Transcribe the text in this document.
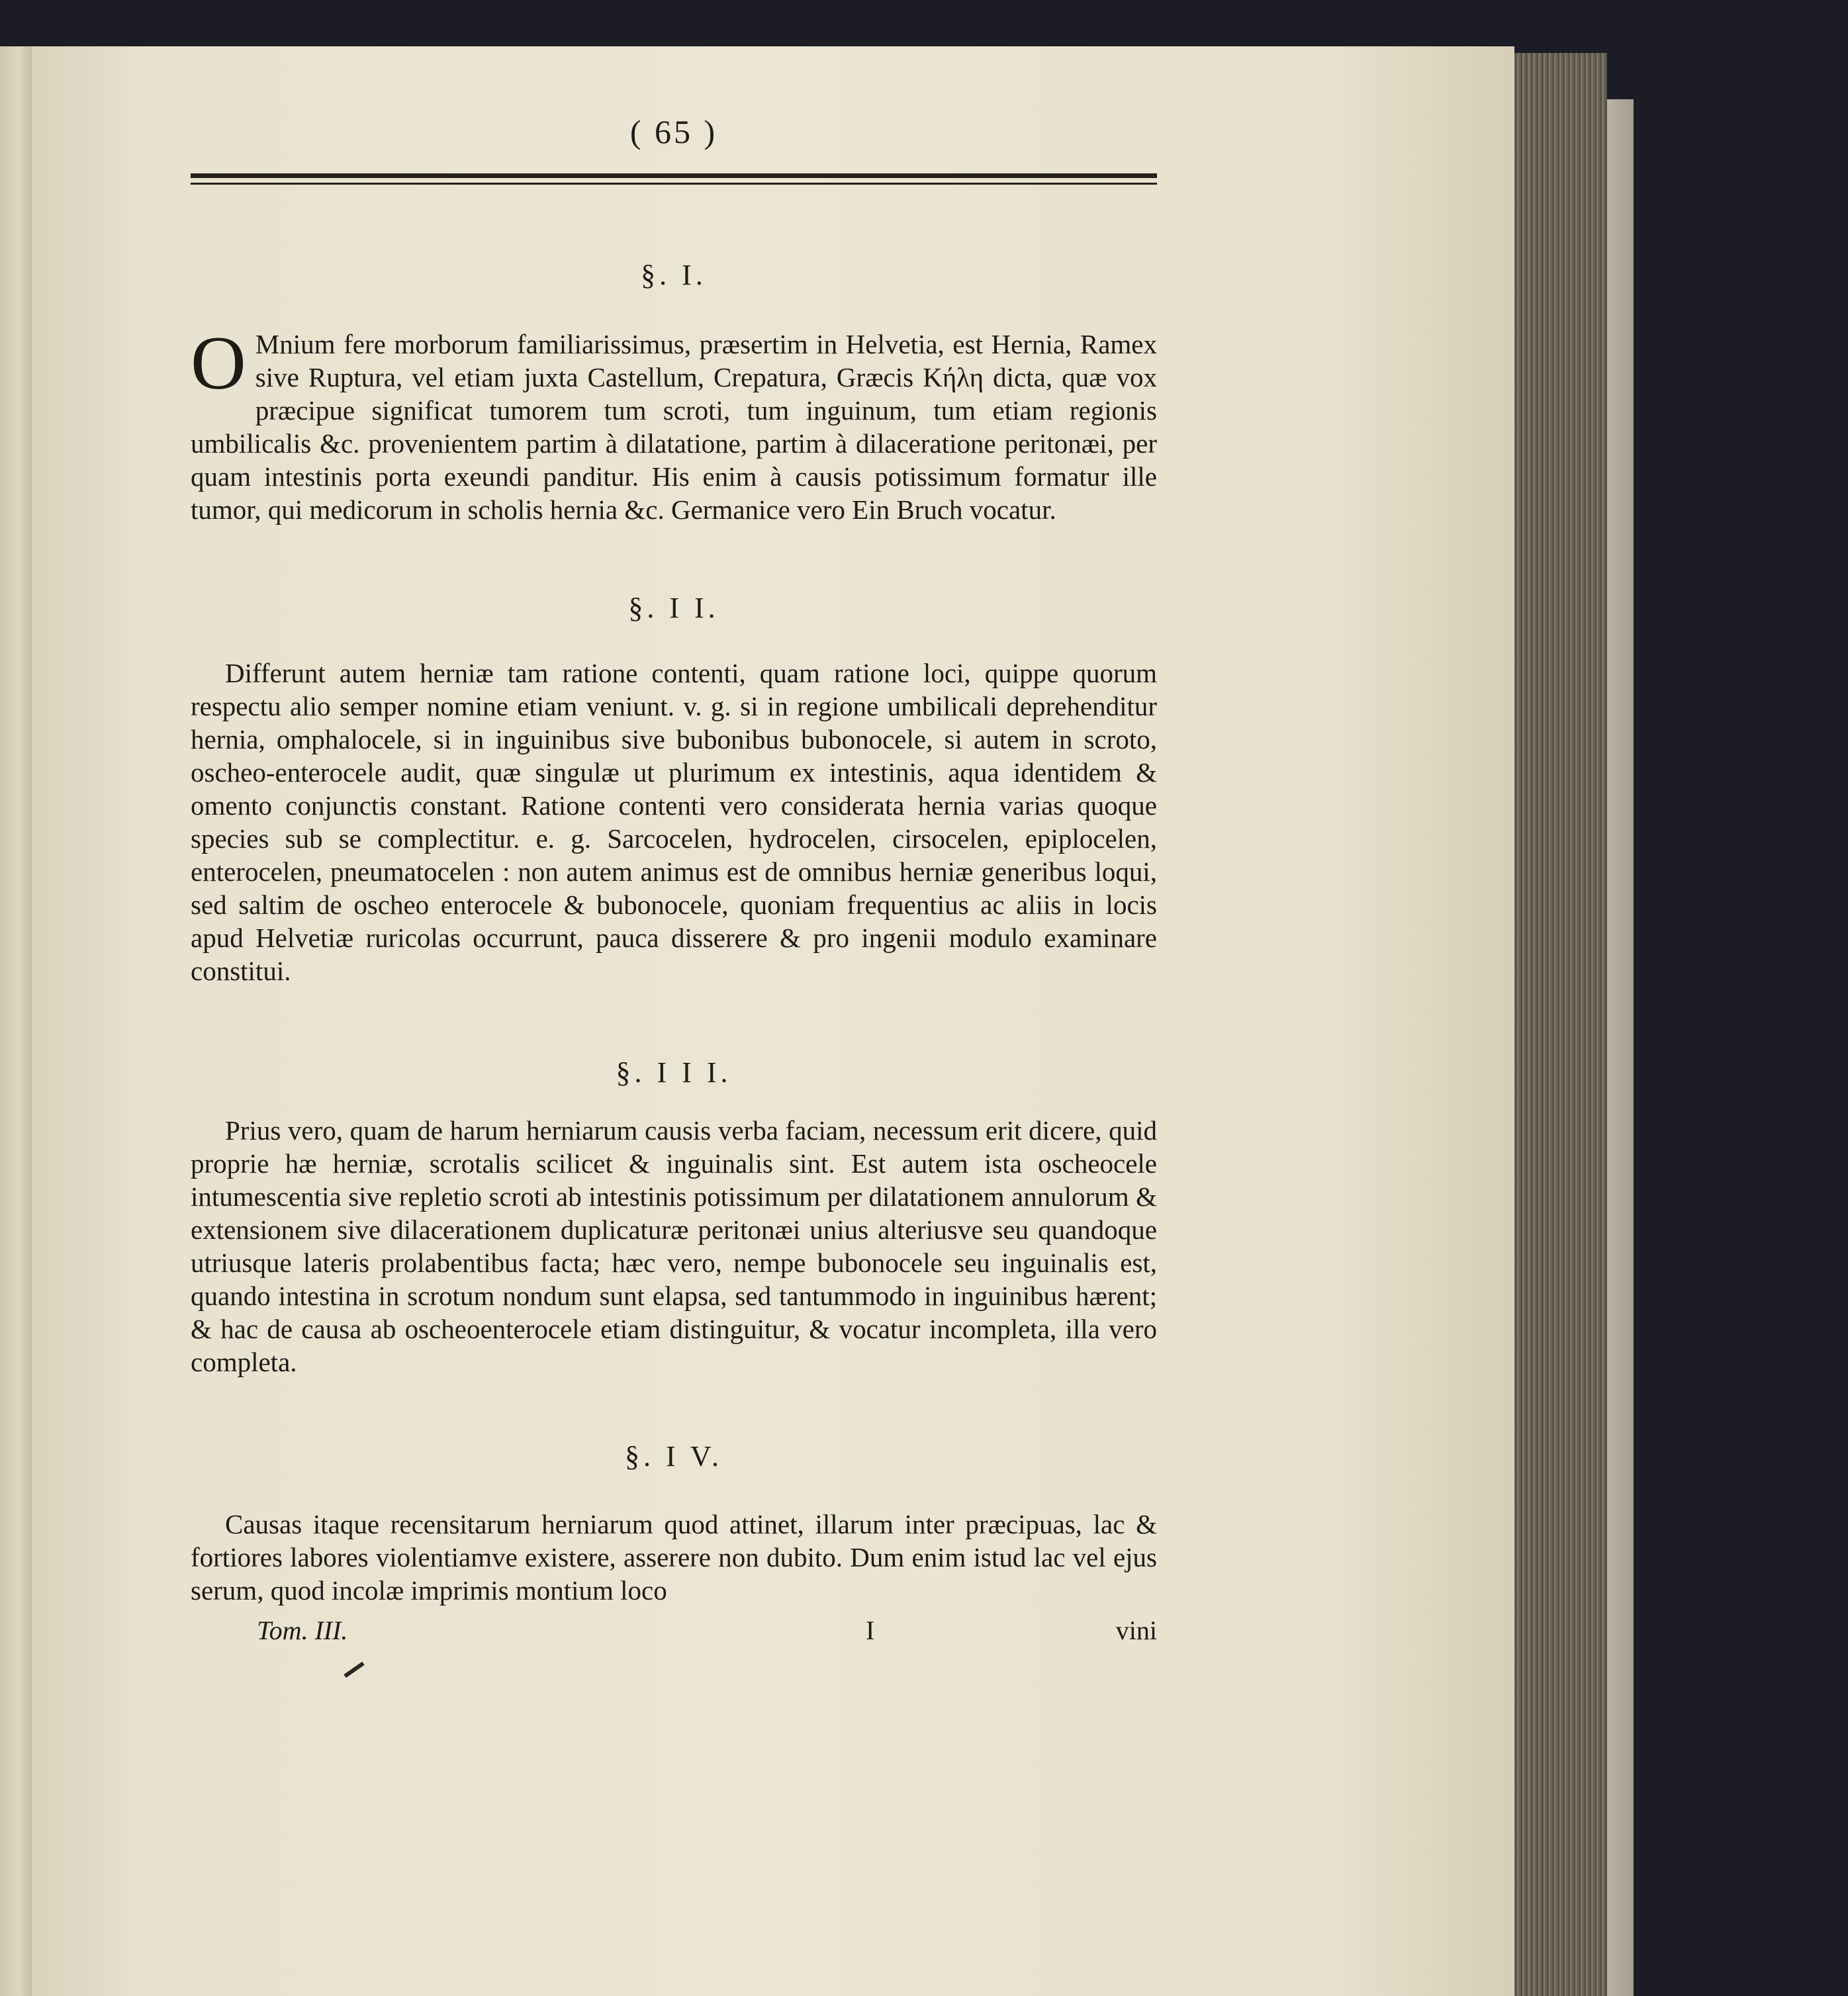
( 65 )
§. I.

O Mnium fere morborum familiarissimus, præsertim in Helvetia, est Hernia, Ramex sive Ruptura, vel etiam juxta Castellum, Crepatura, Græcis Κήλη dicta, quæ vox præcipue significat tumorem tum scroti, tum inguinum, tum etiam regionis umbilicalis &c. provenientem partim à dilatatione, partim à dilaceratione peritonæi, per quam intestinis porta exeundi panditur. His enim à causis potissimum formatur ille tumor, qui medicorum in scholis hernia &c. Germanice vero Ein Bruch vocatur.

§. I I.

Differunt autem herniæ tam ratione contenti, quam ratione loci, quippe quorum respectu alio semper nomine etiam veniunt. v. g. si in regione umbilicali deprehenditur hernia, omphalocele, si in inguinibus sive bubonibus bubonocele, si autem in scroto, oscheo-enterocele audit, quæ singulæ ut plurimum ex intestinis, aqua identidem & omento conjunctis constant. Ratione contenti vero considerata hernia varias quoque species sub se complectitur. e. g. Sarcocelen, hydrocelen, cirsocelen, epiplocelen, enterocelen, pneumatocelen : non autem animus est de omnibus herniæ generibus loqui, sed saltim de oscheo enterocele & bubonocele, quoniam frequentius ac aliis in locis apud Helvetiæ ruricolas occurrunt, pauca disserere & pro ingenii modulo examinare constitui.

§. I I I.

Prius vero, quam de harum herniarum causis verba faciam, necessum erit dicere, quid proprie hæ herniæ, scrotalis scilicet & inguinalis sint. Est autem ista oscheocele intumescentia sive repletio scroti ab intestinis potissimum per dilatationem annulorum & extensionem sive dilacerationem duplicaturæ peritonæi unius alteriusve seu quandoque utriusque lateris prolabentibus facta; hæc vero, nempe bubonocele seu inguinalis est, quando intestina in scrotum nondum sunt elapsa, sed tantummodo in inguinibus hærent; & hac de causa ab oscheoenterocele etiam distinguitur, & vocatur incompleta, illa vero completa.

§. I V.

Causas itaque recensitarum herniarum quod attinet, illarum inter præcipuas, lac & fortiores labores violentiamve existere, asserere non dubito. Dum enim istud lac vel ejus serum, quod incolæ imprimis montium loco

Tom. III.	I	vini
